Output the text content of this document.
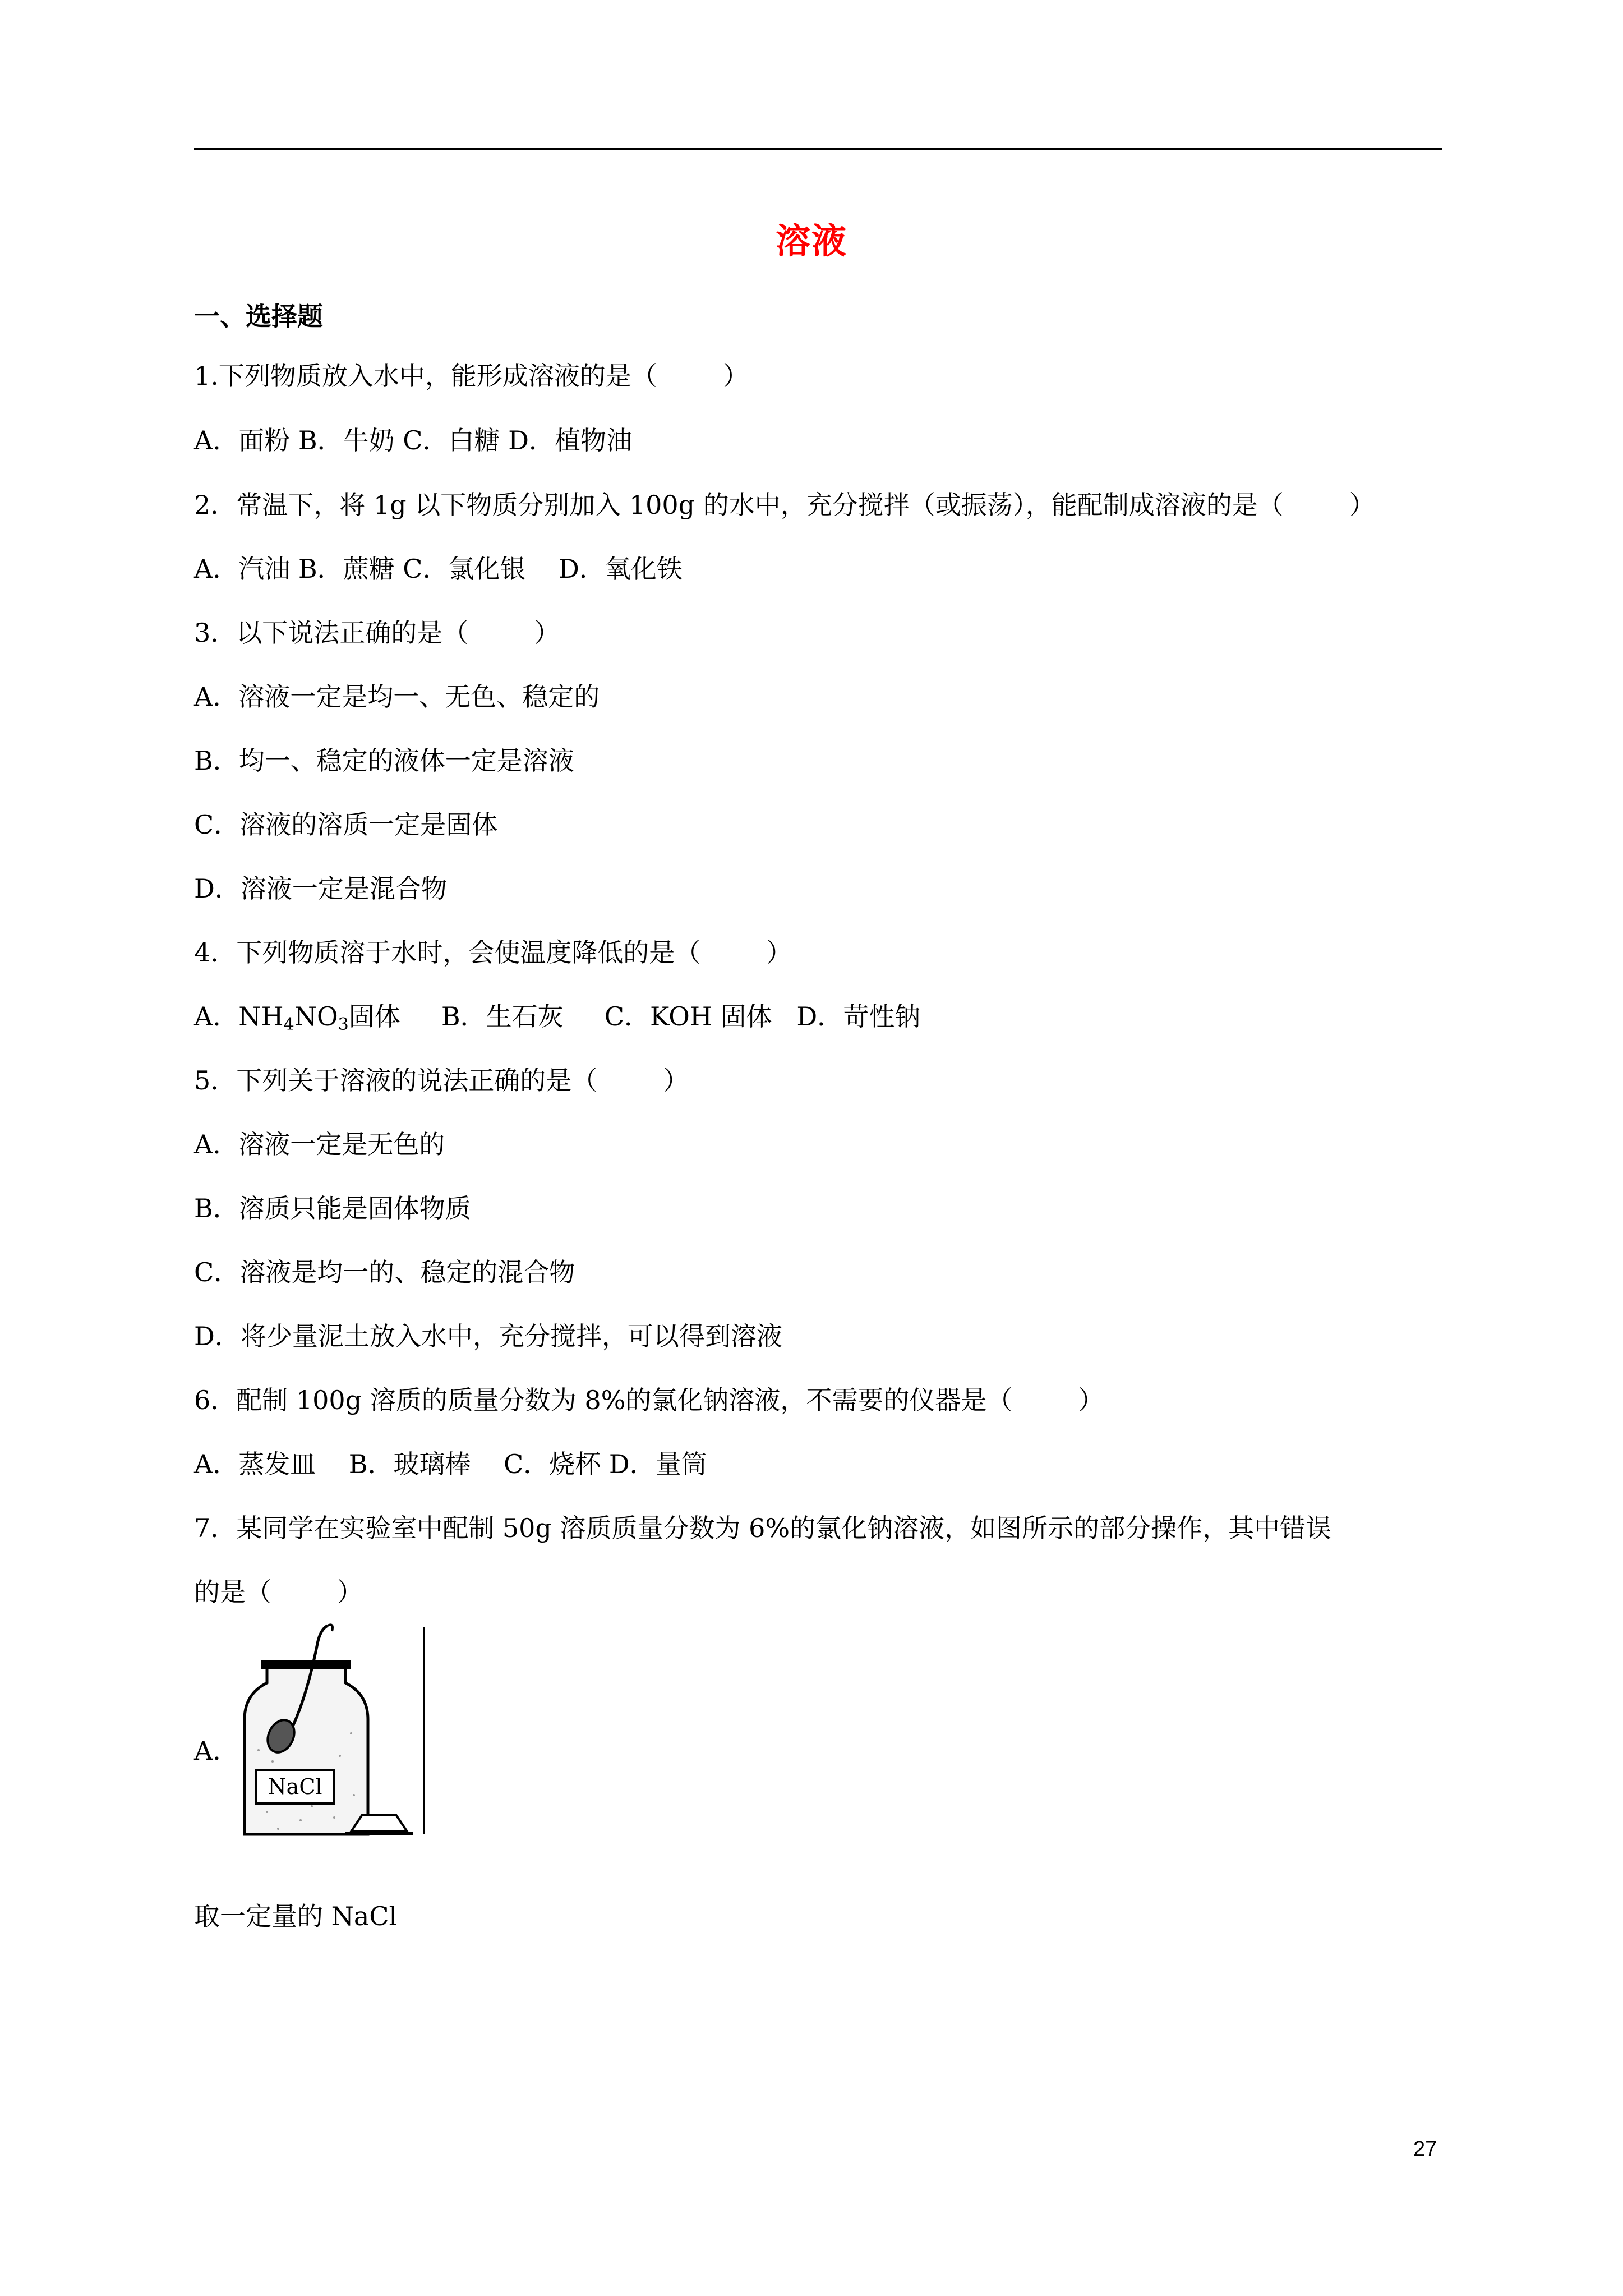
溶液
一、选择题
1.下列物质放入水中，能形成溶液的是（        ）
A．面粉 B．牛奶 C．白糖 D．植物油
2．常温下，将 1g 以下物质分别加入 100g 的水中，充分搅拌（或振荡），能配制成溶液的是（        ）
A．汽油 B．蔗糖 C．氯化银    D．氧化铁
3．以下说法正确的是（        ）
A．溶液一定是均一、无色、稳定的
B．均一、稳定的液体一定是溶液
C．溶液的溶质一定是固体
D．溶液一定是混合物
4．下列物质溶于水时，会使温度降低的是（        ）
A．$NH_4NO_3$固体     B．生石灰     C．KOH 固体   D．苛性钠
5．下列关于溶液的说法正确的是（        ）
A．溶液一定是无色的
B．溶质只能是固体物质
C．溶液是均一的、稳定的混合物
D．将少量泥土放入水中，充分搅拌，可以得到溶液
6．配制 100g 溶质的质量分数为 8%的氯化钠溶液，不需要的仪器是（        ）
A．蒸发皿    B．玻璃棒    C．烧杯 D．量筒
7．某同学在实验室中配制 50g 溶质质量分数为 6%的氯化钠溶液，如图所示的部分操作，其中错误
的是（        ）
A．
NaCl
取一定量的 NaCl
27
